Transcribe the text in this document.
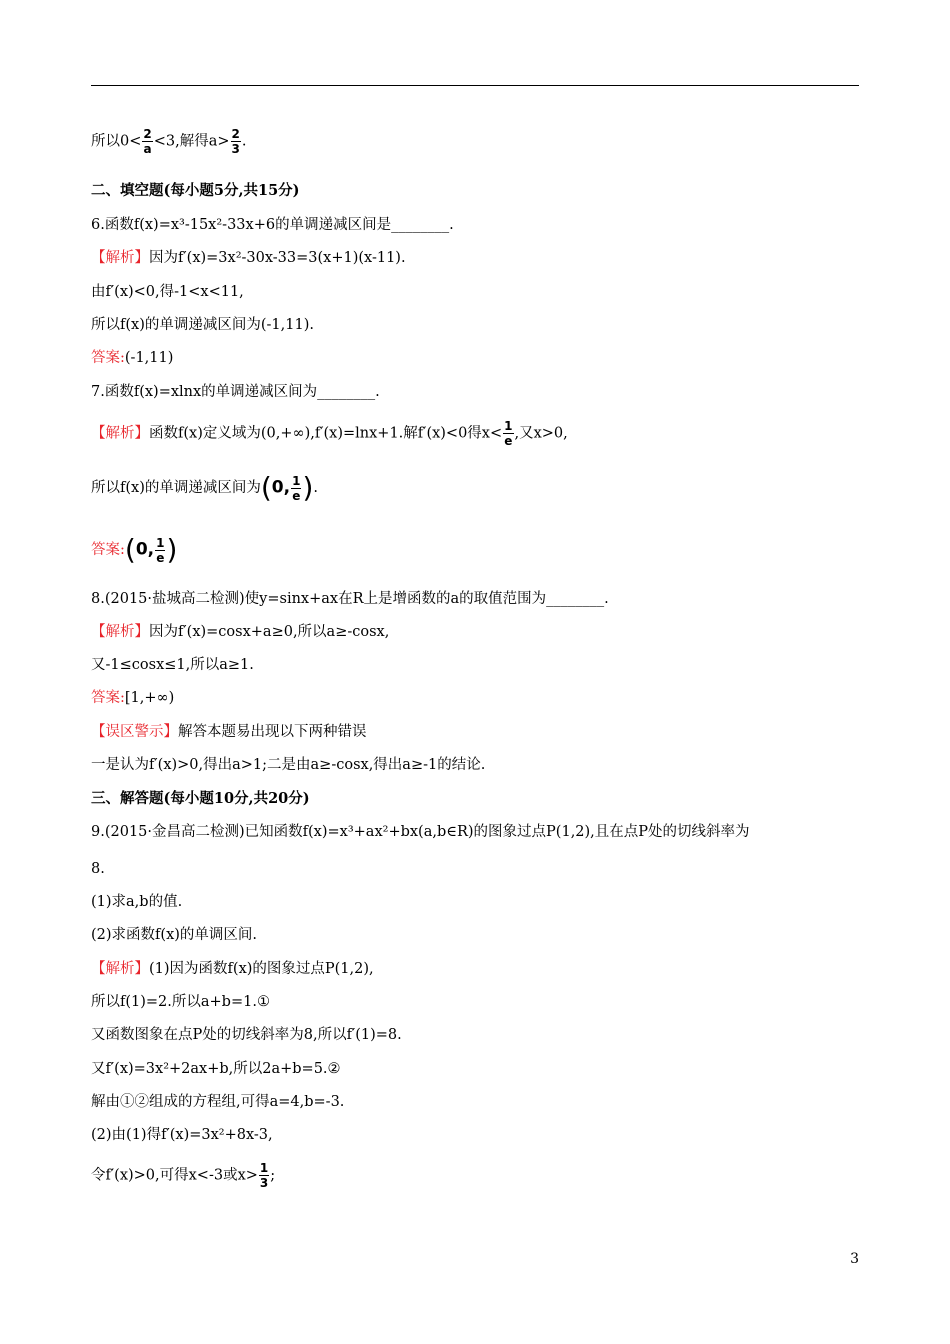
所以$0< \frac{2}{a} <3$,解得$a> \frac{2}{3}$ .
二、填空题(每小题5分,共15分)
6.函数f(x)=x³-15x²-33x+6的单调递减区间是________.
【解析】因为f′(x)=3x²-30x-33=3(x+1)(x-11).
由f′(x)<0,得-1<x<11,
所以f(x)的单调递减区间为(-1,11).
答案:(-1,11)
7.函数f(x)=xlnx的单调递减区间为________.
【解析】函数f(x)定义域为(0,+∞),f′(x)=lnx+1.解f′(x)<0得$x< \frac{1}{e}$ ,又x>0,
所以f(x)的单调递减区间为(0, $\frac{1}{e}$ ).
答案:(0, $\frac{1}{e}$ )
8.(2015·盐城高二检测)使y=sinx+ax在R上是增函数的a的取值范围为________.
【解析】因为f′(x)=cosx+a≥0,所以a≥-cosx,
又-1≤cosx≤1,所以a≥1.
答案:[1,+∞)
【误区警示】解答本题易出现以下两种错误
一是认为f′(x)>0,得出a>1;二是由a≥-cosx,得出a≥-1的结论.
三、解答题(每小题10分,共20分)
9.(2015·金昌高二检测)已知函数f(x)=x³+ax²+bx(a,b∈R)的图象过点P(1,2),且在点P处的切线斜率为
8.
(1)求a,b的值.
(2)求函数f(x)的单调区间.
【解析】(1)因为函数f(x)的图象过点P(1,2),
所以f(1)=2.所以a+b=1.①
又函数图象在点P处的切线斜率为8,所以f′(1)=8.
又f′(x)=3x²+2ax+b,所以2a+b=5.②
解由①②组成的方程组,可得a=4,b=-3.
(2)由(1)得f′(x)=3x²+8x-3,
令f′(x)>0,可得x<-3或$x> \frac{1}{3}$ ;
3
